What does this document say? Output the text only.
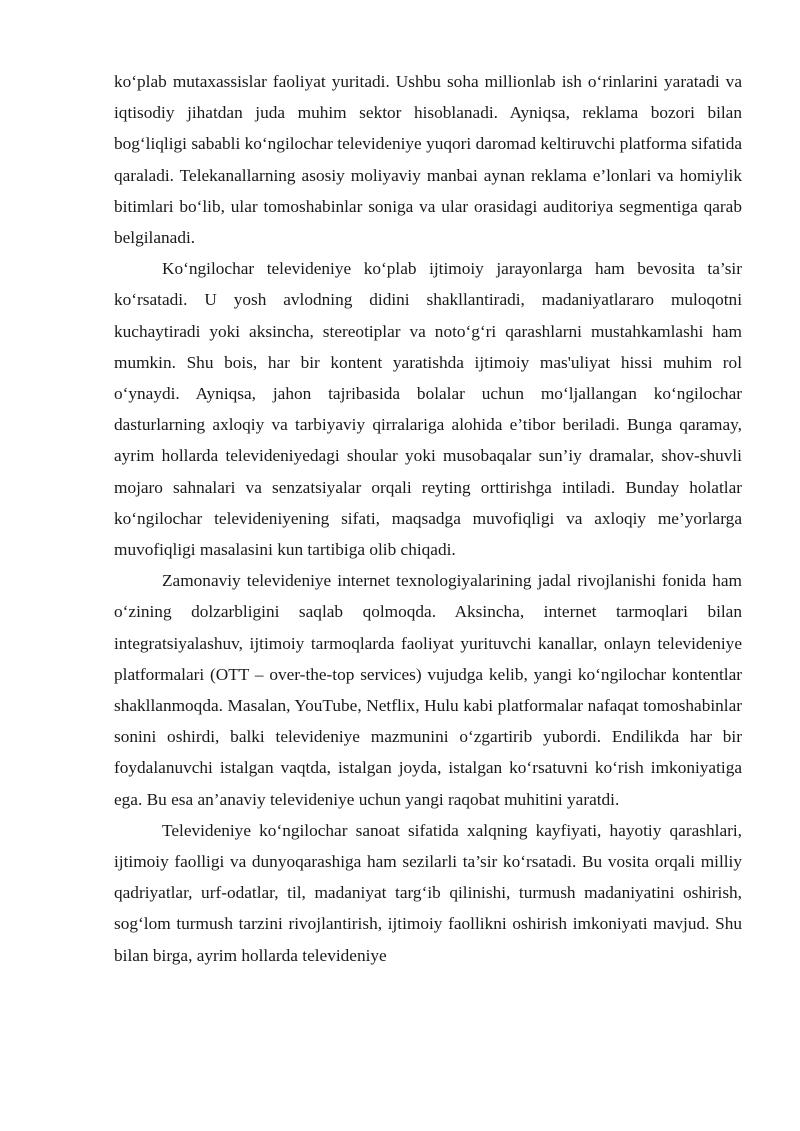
ko‘plab mutaxassislar faoliyat yuritadi. Ushbu soha millionlab ish o‘rinlarini yaratadi va iqtisodiy jihatdan juda muhim sektor hisoblanadi. Ayniqsa, reklama bozori bilan bog‘liqligi sababli ko‘ngilochar televideniye yuqori daromad keltiruvchi platforma sifatida qaraladi. Telekanallarning asosiy moliyaviy manbai aynan reklama e’lonlari va homiylik bitimlari bo‘lib, ular tomoshabinlar soniga va ular orasidagi auditoriya segmentiga qarab belgilanadi.

Ko‘ngilochar televideniye ko‘plab ijtimoiy jarayonlarga ham bevosita ta’sir ko‘rsatadi. U yosh avlodning didini shakllantiradi, madaniyatlararo muloqotni kuchaytiradi yoki aksincha, stereotiplar va noto‘g‘ri qarashlarni mustahkamlashi ham mumkin. Shu bois, har bir kontent yaratishda ijtimoiy mas'uliyat hissi muhim rol o‘ynaydi. Ayniqsa, jahon tajribasida bolalar uchun mo‘ljallangan ko‘ngilochar dasturlarning axloqiy va tarbiyaviy qirralariga alohida e’tibor beriladi. Bunga qaramay, ayrim hollarda televideniyedagi shoular yoki musobaqalar sun’iy dramalar, shov-shuvli mojaro sahnalari va senzatsiyalar orqali reyting orttirishga intiladi. Bunday holatlar ko‘ngilochar televideniyening sifati, maqsadga muvofiqligi va axloqiy me’yorlarga muvofiqligi masalasini kun tartibiga olib chiqadi.

Zamonaviy televideniye internet texnologiyalarining jadal rivojlanishi fonida ham o‘zining dolzarbligini saqlab qolmoqda. Aksincha, internet tarmoqlari bilan integratsiyalashuv, ijtimoiy tarmoqlarda faoliyat yurituvchi kanallar, onlayn televideniye platformalari (OTT – over-the-top services) vujudga kelib, yangi ko‘ngilochar kontentlar shakllanmoqda. Masalan, YouTube, Netflix, Hulu kabi platformalar nafaqat tomoshabinlar sonini oshirdi, balki televideniye mazmunini o‘zgartirib yubordi. Endilikda har bir foydalanuvchi istalgan vaqtda, istalgan joyda, istalgan ko‘rsatuvni ko‘rish imkoniyatiga ega. Bu esa an’anaviy televideniye uchun yangi raqobat muhitini yaratdi.

Televideniye ko‘ngilochar sanoat sifatida xalqning kayfiyati, hayotiy qarashlari, ijtimoiy faolligi va dunyoqarashiga ham sezilarli ta’sir ko‘rsatadi. Bu vosita orqali milliy qadriyatlar, urf-odatlar, til, madaniyat targ‘ib qilinishi, turmush madaniyatini oshirish, sog‘lom turmush tarzini rivojlantirish, ijtimoiy faollikni oshirish imkoniyati mavjud. Shu bilan birga, ayrim hollarda televideniye
